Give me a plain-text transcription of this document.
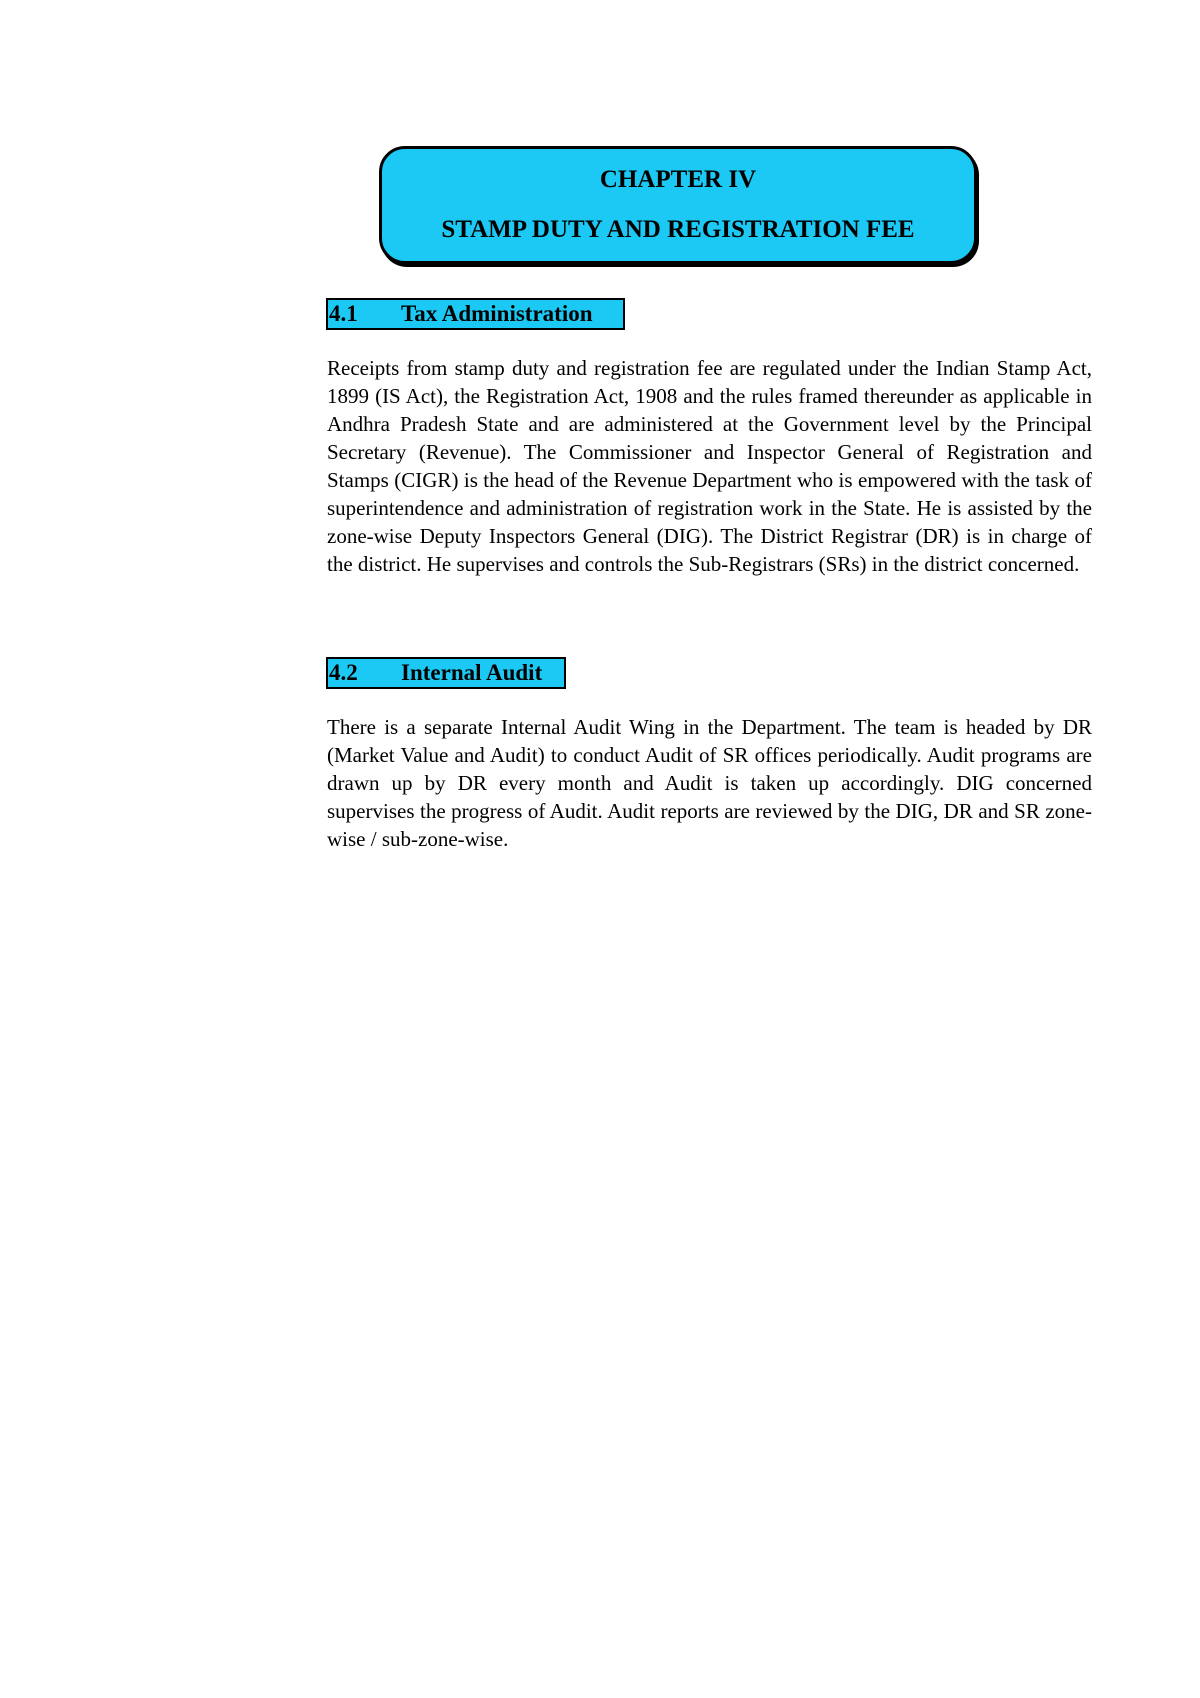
CHAPTER IV
STAMP DUTY AND REGISTRATION FEE
4.1 Tax Administration
Receipts from stamp duty and registration fee are regulated under the Indian Stamp Act, 1899 (IS Act), the Registration Act, 1908 and the rules framed thereunder as applicable in Andhra Pradesh State and are administered at the Government level by the Principal Secretary (Revenue). The Commissioner and Inspector General of Registration and Stamps (CIGR) is the head of the Revenue Department who is empowered with the task of superintendence and administration of registration work in the State. He is assisted by the zone-wise Deputy Inspectors General (DIG). The District Registrar (DR) is in charge of the district. He supervises and controls the Sub-Registrars (SRs) in the district concerned.
4.2 Internal Audit
There is a separate Internal Audit Wing in the Department. The team is headed by DR (Market Value and Audit) to conduct Audit of SR offices periodically. Audit programs are drawn up by DR every month and Audit is taken up accordingly. DIG concerned supervises the progress of Audit. Audit reports are reviewed by the DIG, DR and SR zone-wise / sub-zone-wise.
